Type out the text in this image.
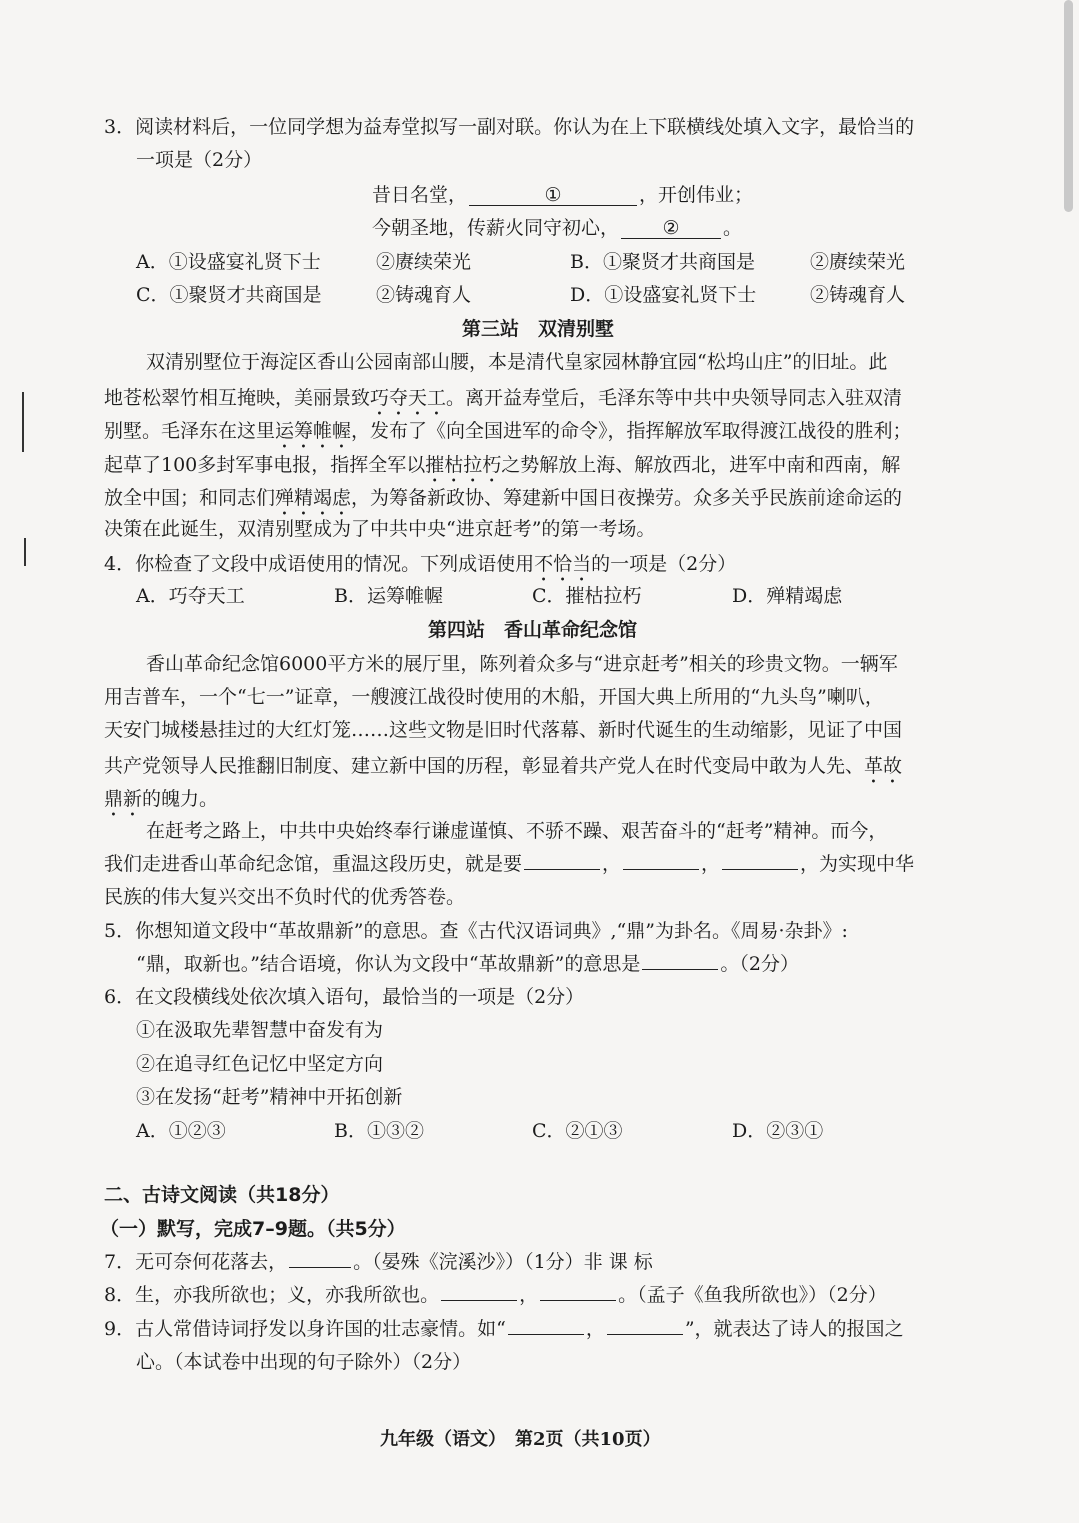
3．阅读材料后，一位同学想为益寿堂拟写一副对联。你认为在上下联横线处填入文字，最恰当的
一项是（2分）
昔日名堂，	①	，开创伟业；
今朝圣地，传薪火同守初心， ② 。
A．①设盛宴礼贤下士	②赓续荣光	B．①聚贤才共商国是	②赓续荣光
C．①聚贤才共商国是	②铸魂育人	D．①设盛宴礼贤下士	②铸魂育人
第三站　双清别墅
双清别墅位于海淀区香山公园南部山腰，本是清代皇家园林静宜园“松坞山庄”的旧址。此
地苍松翠竹相互掩映，美丽景致巧夺天工。离开益寿堂后，毛泽东等中共中央领导同志入驻双清
别墅。毛泽东在这里运筹帷幄，发布了《向全国进军的命令》，指挥解放军取得渡江战役的胜利；
起草了100多封军事电报，指挥全军以摧枯拉朽之势解放上海、解放西北，进军中南和西南，解
放全中国；和同志们殚精竭虑，为筹备新政协、筹建新中国日夜操劳。众多关乎民族前途命运的
决策在此诞生，双清别墅成为了中共中央“进京赶考”的第一考场。
4．你检查了文段中成语使用的情况。下列成语使用不恰当的一项是（2分）
A．巧夺天工	B．运筹帷幄	C．摧枯拉朽	D．殚精竭虑
第四站　香山革命纪念馆
香山革命纪念馆6000平方米的展厅里，陈列着众多与“进京赶考”相关的珍贵文物。一辆军
用吉普车，一个“七一”证章，一艘渡江战役时使用的木船，开国大典上所用的“九头鸟”喇叭，
天安门城楼悬挂过的大红灯笼……这些文物是旧时代落幕、新时代诞生的生动缩影，见证了中国
共产党领导人民推翻旧制度、建立新中国的历程，彰显着共产党人在时代变局中敢为人先、革故
鼎新的魄力。
在赶考之路上，中共中央始终奉行谦虚谨慎、不骄不躁、艰苦奋斗的“赶考”精神。而今，
我们走进香山革命纪念馆，重温这段历史，就是要	，	，	，为实现中华
民族的伟大复兴交出不负时代的优秀答卷。
5．你想知道文段中“革故鼎新”的意思。查《古代汉语词典》,“鼎”为卦名。《周易·杂卦》:
“鼎，取新也。”结合语境，你认为文段中“革故鼎新”的意思是	。（2分）
6．在文段横线处依次填入语句，最恰当的一项是（2分）
①在汲取先辈智慧中奋发有为
②在追寻红色记忆中坚定方向
③在发扬“赶考”精神中开拓创新
A．①②③	B．①③②	C．②①③	D．②③①
二、古诗文阅读（共18分）
（一）默写，完成7–9题。（共5分）
7．无可奈何花落去，	。（晏殊《浣溪沙》）（1分）非 课 标
8．生，亦我所欲也；义，亦我所欲也。	，	。（孟子《鱼我所欲也》）（2分）
9．古人常借诗词抒发以身许国的壮志豪情。如“	，	”，就表达了诗人的报国之
心。（本试卷中出现的句子除外）（2分）
九年级（语文）　第2页（共10页）
